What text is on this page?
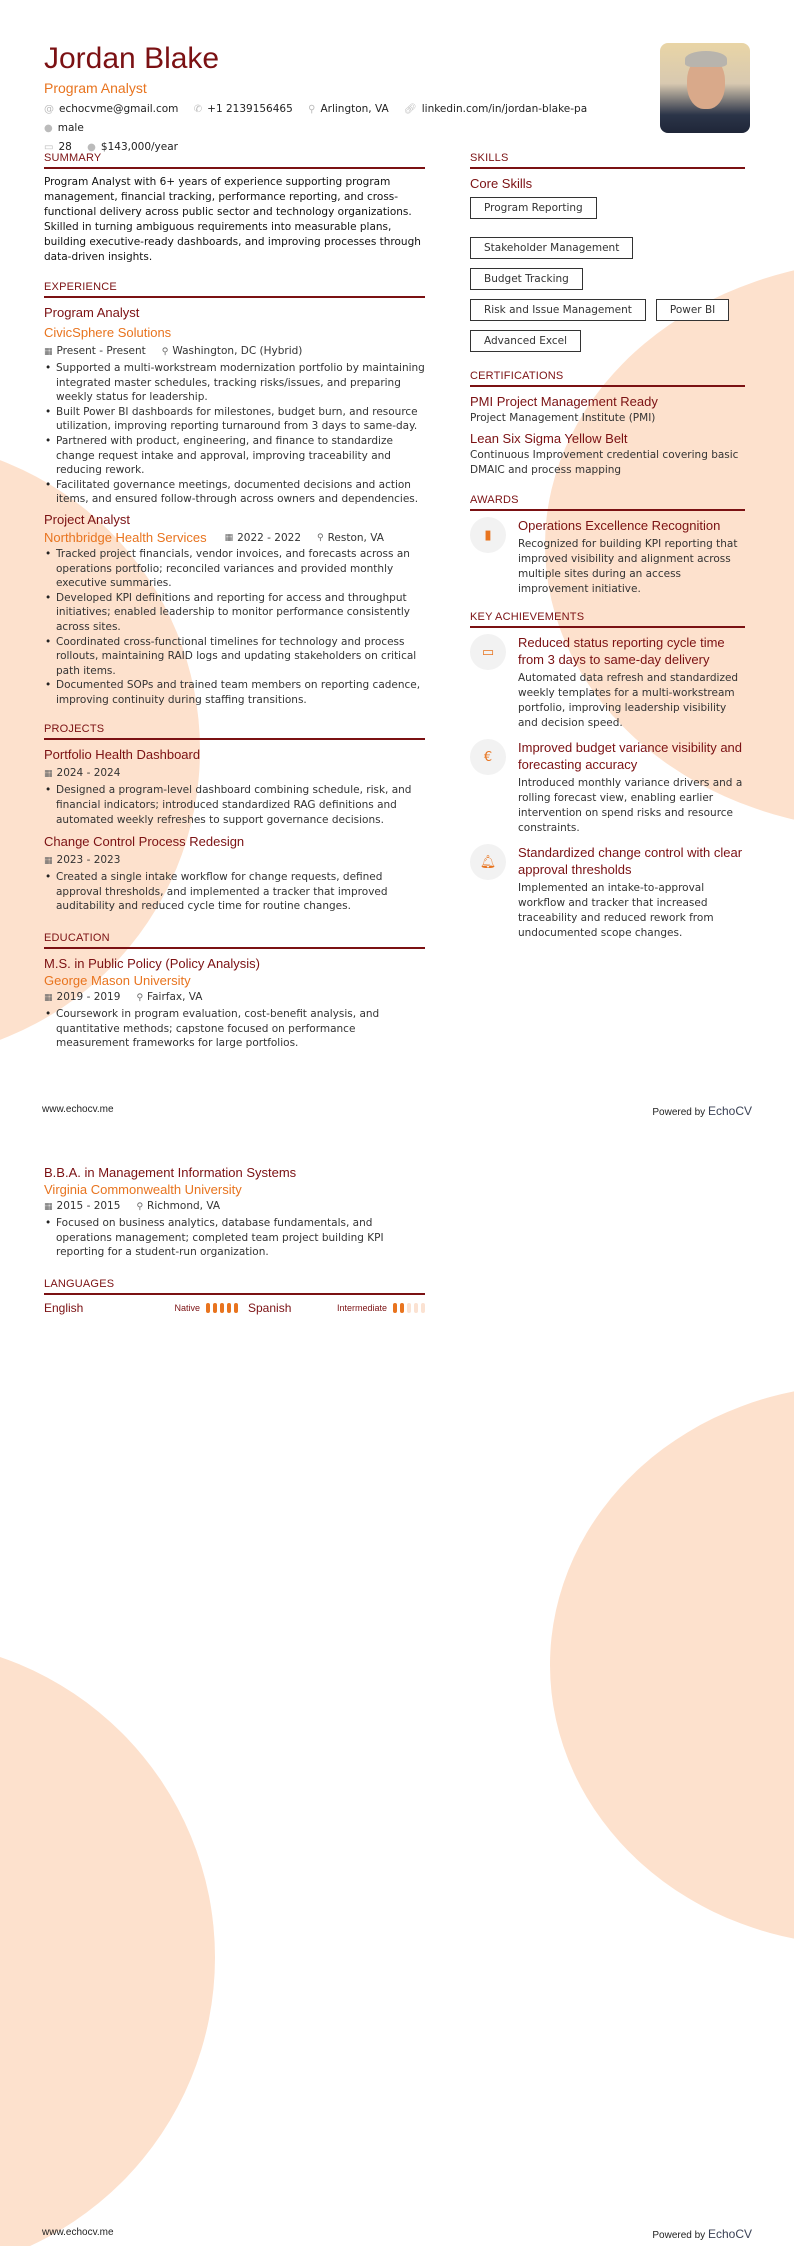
Jordan Blake
Program Analyst
@ echocvme@gmail.com ✆ +1 2139156465 ⚲ Arlington, VA 🔗︎ linkedin.com/in/jordan-blake-pa ● male
▭ 28 ● $143,000/year
SUMMARY

Program Analyst with 6+ years of experience supporting program management, financial tracking, performance reporting, and cross-functional delivery across public sector and technology organizations. Skilled in turning ambiguous requirements into measurable plans, building executive-ready dashboards, and improving processes through data-driven insights.

EXPERIENCE
Program Analyst
CivicSphere Solutions
▦ Present - Present ⚲ Washington, DC (Hybrid)
• Supported a multi-workstream modernization portfolio by maintaining integrated master schedules, tracking risks/issues, and preparing weekly status for leadership.
• Built Power BI dashboards for milestones, budget burn, and resource utilization, improving reporting turnaround from 3 days to same-day.
• Partnered with product, engineering, and finance to standardize change request intake and approval, improving traceability and reducing rework.
• Facilitated governance meetings, documented decisions and action items, and ensured follow-through across owners and dependencies.
Project Analyst
Northbridge Health Services ▦ 2022 - 2022 ⚲ Reston, VA
• Tracked project financials, vendor invoices, and forecasts across an operations portfolio; reconciled variances and provided monthly executive summaries.
• Developed KPI definitions and reporting for access and throughput initiatives; enabled leadership to monitor performance consistently across sites.
• Coordinated cross-functional timelines for technology and process rollouts, maintaining RAID logs and updating stakeholders on critical path items.
• Documented SOPs and trained team members on reporting cadence, improving continuity during staffing transitions.
PROJECTS
Portfolio Health Dashboard
▦ 2024 - 2024
• Designed a program-level dashboard combining schedule, risk, and financial indicators; introduced standardized RAG definitions and automated weekly refreshes to support governance decisions.
Change Control Process Redesign
▦ 2023 - 2023
• Created a single intake workflow for change requests, defined approval thresholds, and implemented a tracker that improved auditability and reduced cycle time for routine changes.
EDUCATION
M.S. in Public Policy (Policy Analysis)
George Mason University
▦ 2019 - 2019 ⚲ Fairfax, VA
• Coursework in program evaluation, cost-benefit analysis, and quantitative methods; capstone focused on performance measurement frameworks for large portfolios.
SKILLS
Core Skills
Program Reporting
Stakeholder Management
Budget Tracking
Risk and Issue Management	Power BI
Advanced Excel
CERTIFICATIONS
PMI Project Management Ready
Project Management Institute (PMI)
Lean Six Sigma Yellow Belt
Continuous Improvement credential covering basic DMAIC and process mapping
AWARDS
▮
Operations Excellence Recognition
Recognized for building KPI reporting that improved visibility and alignment across multiple sites during an access improvement initiative.
KEY ACHIEVEMENTS
▭
Reduced status reporting cycle time from 3 days to same-day delivery
Automated data refresh and standardized weekly templates for a multi-workstream portfolio, improving leadership visibility and decision speed.
€
Improved budget variance visibility and forecasting accuracy
Introduced monthly variance drivers and a rolling forecast view, enabling earlier intervention on spend risks and resource constraints.
🔔︎
Standardized change control with clear approval thresholds
Implemented an intake-to-approval workflow and tracker that increased traceability and reduced rework from undocumented scope changes.
www.echocv.me	Powered by EchoCV
B.B.A. in Management Information Systems
Virginia Commonwealth University
▦ 2015 - 2015 ⚲ Richmond, VA
• Focused on business analytics, database fundamentals, and operations management; completed team project building KPI reporting for a student-run organization.
LANGUAGES
English	Native	Spanish	Intermediate
www.echocv.me	Powered by EchoCV
